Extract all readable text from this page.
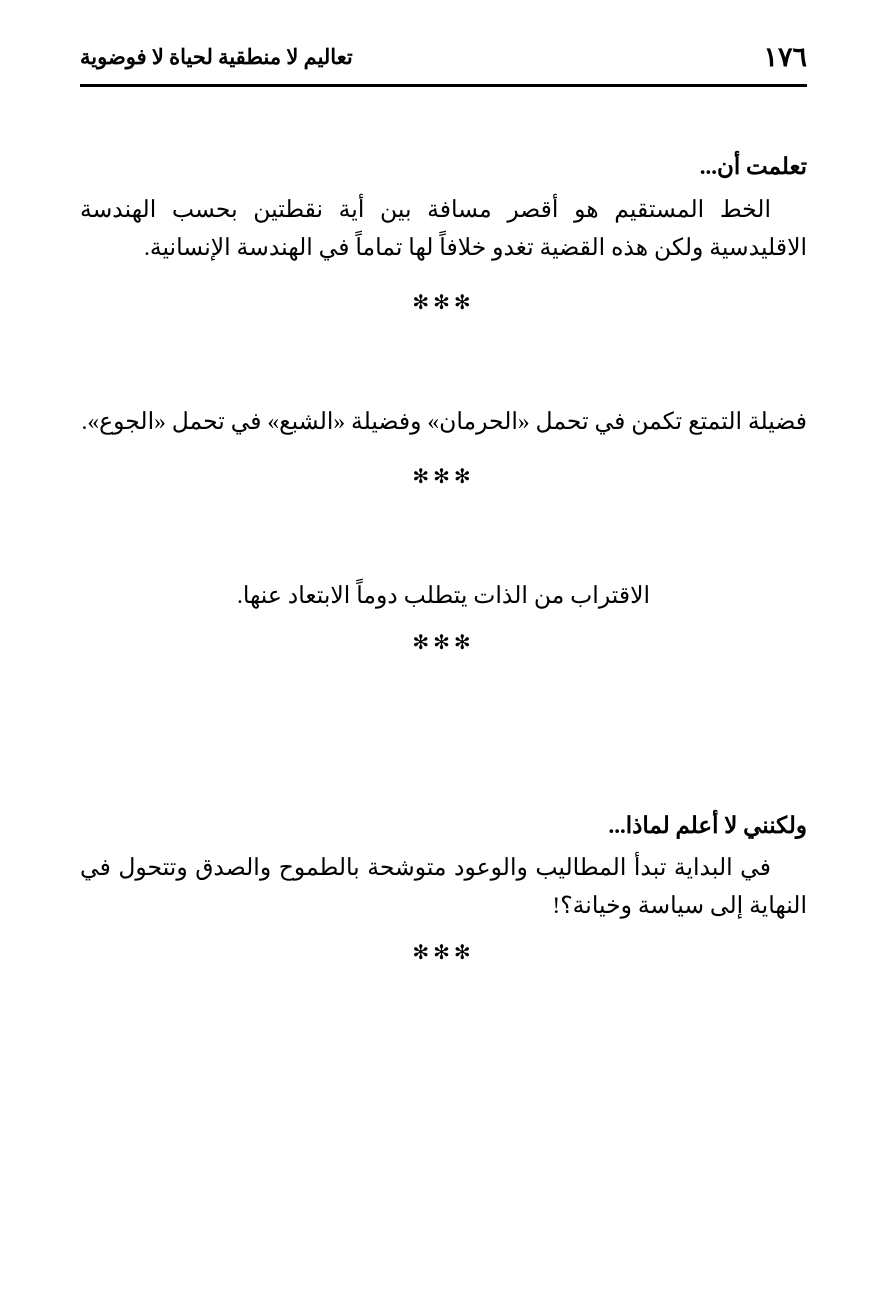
١٧٦
تعاليم لا منطقية لحياة لا فوضوية
تعلمت أن...

الخط المستقيم هو أقصر مسافة بين أية نقطتين بحسب الهندسة الاقليدسية ولكن هذه القضية تغدو خلافاً لها تماماً في الهندسة الإنسانية.

✻✻✻

فضيلة التمتع تكمن في تحمل «الحرمان» وفضيلة «الشبع» في تحمل «الجوع».

✻✻✻

الاقتراب من الذات يتطلب دوماً الابتعاد عنها.

✻✻✻
ولكنني لا أعلم لماذا...

في البداية تبدأ المطاليب والوعود متوشحة بالطموح والصدق وتتحول في النهاية إلى سياسة وخيانة؟!

✻✻✻
